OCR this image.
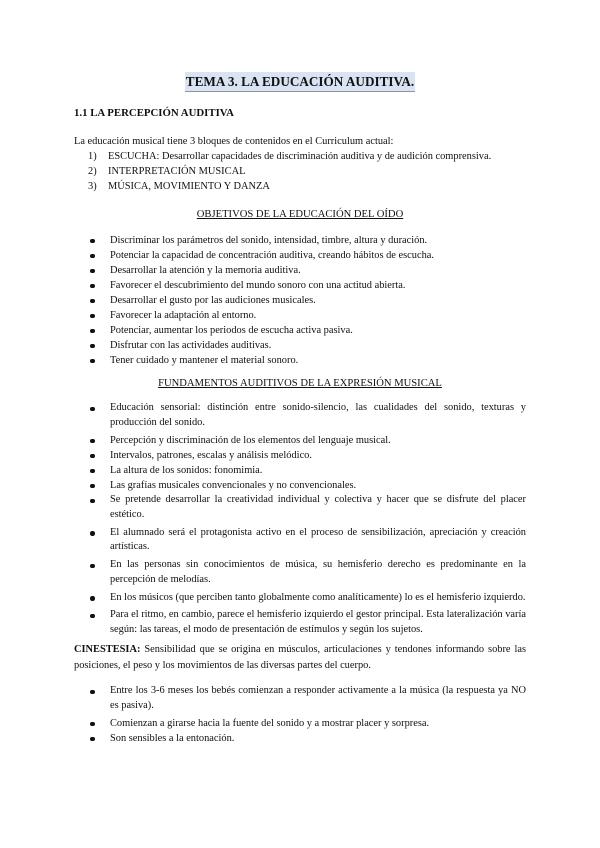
TEMA 3. LA EDUCACIÓN AUDITIVA.
1.1 LA PERCEPCIÓN AUDITIVA
La educación musical tiene 3 bloques de contenidos en el Curriculum actual:
1) ESCUCHA: Desarrollar capacidades de discriminación auditiva y de audición comprensiva.
2) INTERPRETACIÓN MUSICAL
3) MÚSICA, MOVIMIENTO Y DANZA
OBJETIVOS DE LA EDUCACIÓN DEL OÍDO
Discriminar los parámetros del sonido, intensidad, timbre, altura y duración.
Potenciar la capacidad de concentración auditiva, creando hábitos de escucha.
Desarrollar la atención y la memoria auditiva.
Favorecer el descubrimiento del mundo sonoro con una actitud abierta.
Desarrollar el gusto por las audiciones musicales.
Favorecer la adaptación al entorno.
Potenciar, aumentar los periodos de escucha activa pasiva.
Disfrutar con las actividades auditivas.
Tener cuidado y mantener el material sonoro.
FUNDAMENTOS AUDITIVOS DE LA EXPRESIÓN MUSICAL
Educación sensorial: distinción entre sonido-silencio, las cualidades del sonido, texturas y producción del sonido.
Percepción y discriminación de los elementos del lenguaje musical.
Intervalos, patrones, escalas y análisis melódico.
La altura de los sonidos: fonomimia.
Las grafías musicales convencionales y no convencionales.
Se pretende desarrollar la creatividad individual y colectiva y hacer que se disfrute del placer estético.
El alumnado será el protagonista activo en el proceso de sensibilización, apreciación y creación artísticas.
En las personas sin conocimientos de música, su hemisferio derecho es predominante en la percepción de melodías.
En los músicos (que perciben tanto globalmente como analíticamente) lo es el hemisferio izquierdo.
Para el ritmo, en cambio, parece el hemisferio izquierdo el gestor principal. Esta lateralización varía según: las tareas, el modo de presentación de estímulos y según los sujetos.
CINESTESIA: Sensibilidad que se origina en músculos, articulaciones y tendones informando sobre las posiciones, el peso y los movimientos de las diversas partes del cuerpo.
Entre los 3-6 meses los bebés comienzan a responder activamente a la música (la respuesta ya NO es pasiva).
Comienzan a girarse hacia la fuente del sonido y a mostrar placer y sorpresa.
Son sensibles a la entonación.
